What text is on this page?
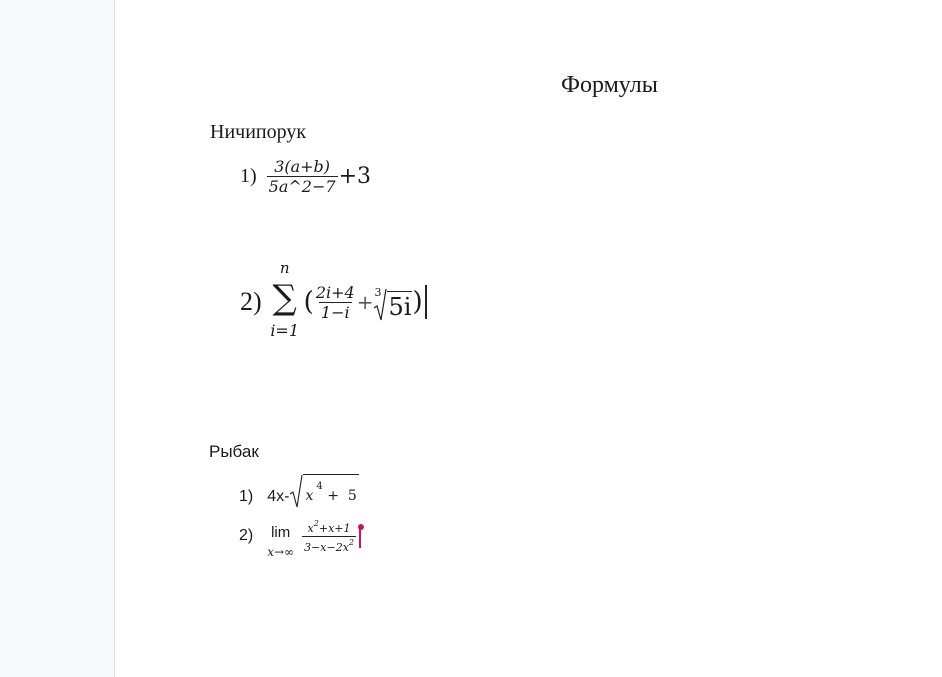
Формулы
Ничипорук
$1) \frac{3(a+b)}{5a\^{}2-7} +3$
2)
n
∑
i=1
( $\frac{2i+4}{1-i} + 3$
5i )
Рыбак
1) 4x- $x^4 + 5$
2) lim
$x\to\infty \frac{x^2+x+1}{3-x-2x^2}$
